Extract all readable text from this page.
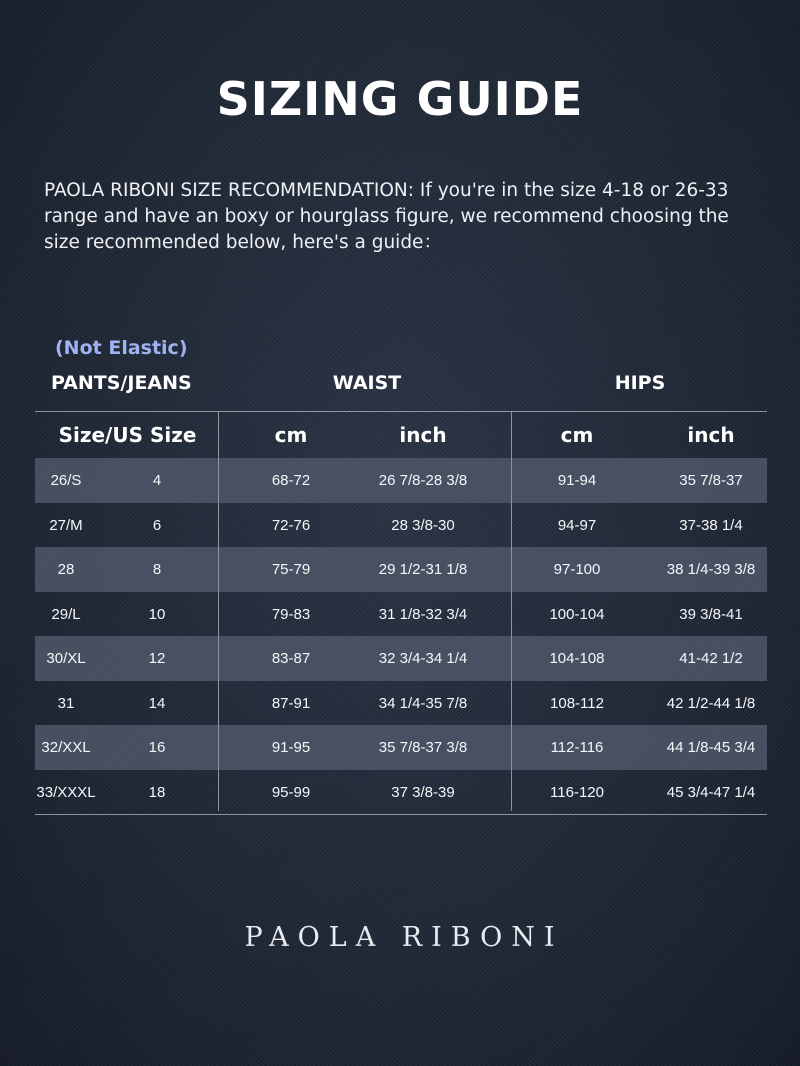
SIZING GUIDE

PAOLA RIBONI SIZE RECOMMENDATION: If you're in the size 4-18 or 26-33
range and have an boxy or hourglass figure, we recommend choosing the
size recommended below, here's a guide：

(Not Elastic)
PANTS/JEANS	WAIST	HIPS
Size/US Size	cm	inch	cm	inch
26/S	4	68-72	26 7/8-28 3/8	91-94	35 7/8-37
27/M	6	72-76	28 3/8-30	94-97	37-38 1/4
28	8	75-79	29 1/2-31 1/8	97-100	38 1/4-39 3/8
29/L	10	79-83	31 1/8-32 3/4	100-104	39 3/8-41
30/XL	12	83-87	32 3/4-34 1/4	104-108	41-42 1/2
31	14	87-91	34 1/4-35 7/8	108-112	42 1/2-44 1/8
32/XXL	16	91-95	35 7/8-37 3/8	112-116	44 1/8-45 3/4
33/XXXL	18	95-99	37 3/8-39	116-120	45 3/4-47 1/4
PAOLA RIBONI
